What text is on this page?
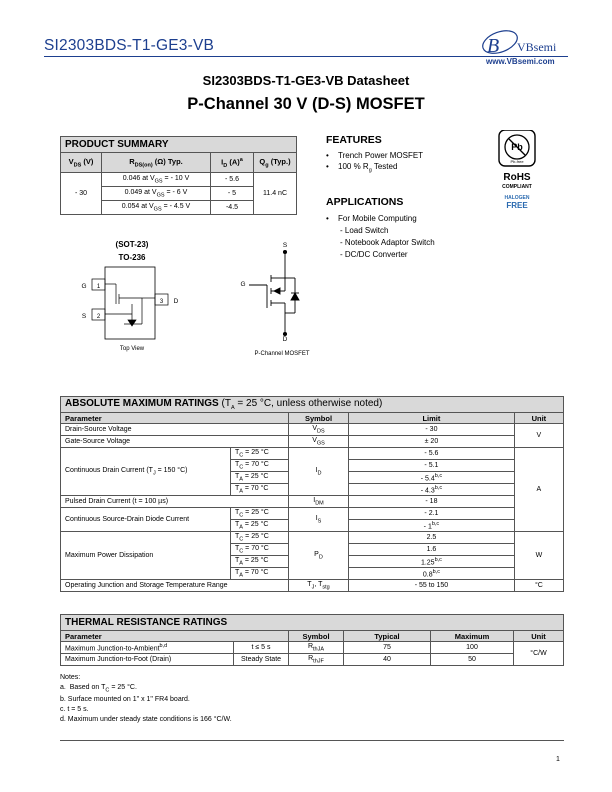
SI2303BDS-T1-GE3-VB	B VBsemi
www.VBsemi.com
SI2303BDS-T1-GE3-VB Datasheet
P-Channel 30 V (D-S) MOSFET
PRODUCT SUMMARY			
$V_{DS}$ (V)	$R_{DS(on)}$ (Ω) Typ.	$I_D$ $(A)^a$	$Q_g$ (Typ.)
- 30	0.046 at $V_{GS}$ = - 10 V	- 5.6	11.4 nC
	0.049 at $V_{GS}$ = - 6 V	- 5	
	0.054 at $V_{GS}$ = - 4.5 V	-4.5	
FEATURES
• Trench Power MOSFET
• 100 % $R_g$ Tested
APPLICATIONS
• For Mobile Computing
- Load Switch
- Notebook Adaptor Switch
- DC/DC Converter
Pb
Pb-free
RoHS
COMPLIANT
HALOGEN
FREE
(SOT-23)
TO-236
1
2
3
G
S
D
Top View
S
G
D
P-Channel MOSFET
ABSOLUTE MAXIMUM RATINGS ($T_A = 25$ °C, unless otherwise noted)				
Parameter		Symbol	Limit	Unit
Drain-Source Voltage		$V_{DS}$	- 30	V
Gate-Source Voltage		$V_{GS}$	± 20	
Continuous Drain Current ($T_J = 150$ °C)	$T_C = 25$ °C	$I_D$	- 5.6	A
	$T_C = 70$ °C		- 5.1	
	$T_A = 25$ °C		- 5.4$^{b,c}$
	$T_A = 70$ °C		- 4.3$^{b,c}$
Pulsed Drain Current (t = 100 µs)		$I_{DM}$	- 18	
Continuous Source-Drain Diode Current	$T_C = 25$ °C	$I_S$	- 2.1	
	$T_A = 25$ °C		- 1$^{b,c}$
Maximum Power Dissipation	$T_C = 25$ °C	$P_D$	2.5	W
	$T_C = 70$ °C		1.6	
	$T_A = 25$ °C		1.25$^{b,c}$
	$T_A = 70$ °C		0.8$^{b,c}$
Operating Junction and Storage Temperature Range		$T_J$, $T_{stg}$	- 55 to 150	°C
THERMAL RESISTANCE RATINGS					
Parameter		Symbol	Typical	Maximum	Unit
Maximum Junction-to-Ambient$^{b,d}$	t ≤ 5 s	$R_{thJA}$	75	100	°C/W
Maximum Junction-to-Foot (Drain)	Steady State	$R_{thJF}$	40	50	
Notes:
a.  Based on $T_C = 25$ °C.
b. Surface mounted on 1" x 1" FR4 board.
c. t = 5 s.
d. Maximum under steady state conditions is 166 °C/W.
1
